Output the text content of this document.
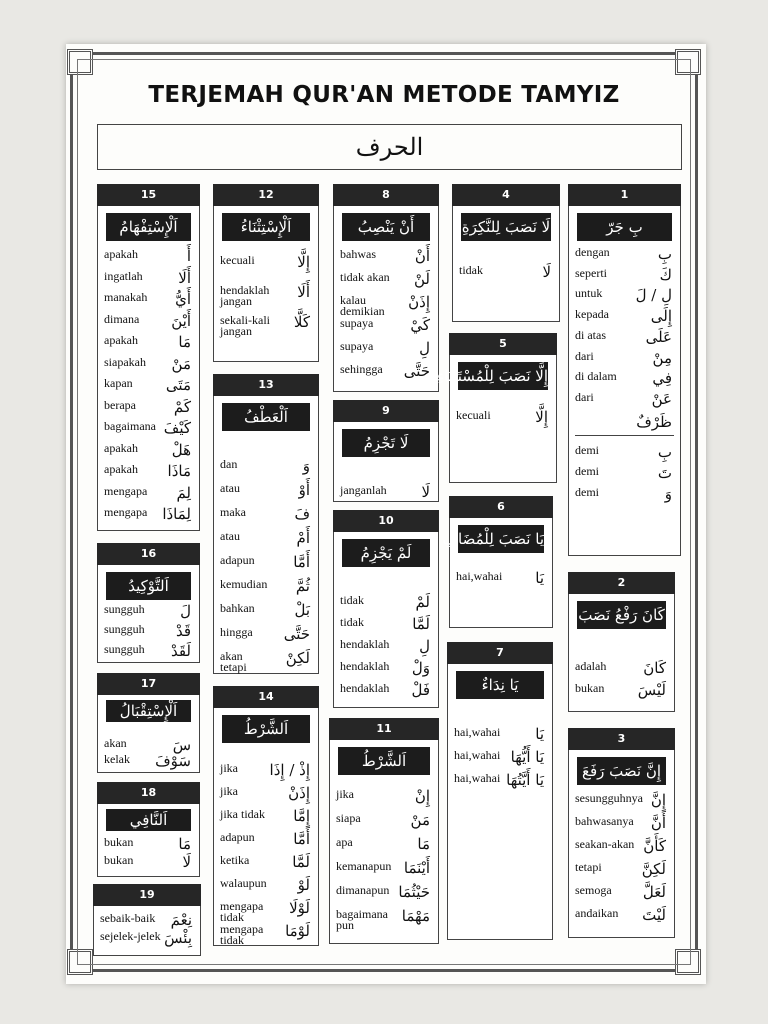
TERJEMAH QUR'AN METODE TAMYIZ
الحرف
15
اَلْإِسْتِفْهَامُ
أَ
apakah
أَلَا
ingatlah
أَيُّ
manakah
أَيْنَ
dimana
مَا
apakah
مَنْ
siapakah
مَتَى
kapan
كَمْ
berapa
كَيْفَ
bagaimana
هَلْ
apakah
مَاذَا
apakah
لِمَ
mengapa
لِمَاذَا
mengapa
16
اَلتَّوْكِيدُ
لَ
sungguh
قَدْ
sungguh
لَقَدْ
sungguh
17
اَلْإِسْتِقْبَالُ
سَ
akan
سَوْفَ
kelak
18
اَلنَّافِي
مَا
bukan
لَا
bukan
19
نِعْمَ
sebaik-baik
بِئْسَ
sejelek-jelek
12
اَلْإِسْتِثْنَاءُ
إِلَّا
kecuali
أَلَا
hendaklah
jangan
كَلَّا
sekali-kali
jangan
13
اَلْعَطْفُ
وَ
dan
أَوْ
atau
فَ
maka
أَمْ
atau
أَمَّا
adapun
ثُمَّ
kemudian
بَلْ
bahkan
حَتَّى
hingga
لَكِنْ
akan
tetapi
14
اَلشَّرْطُ
إِذْ / إِذَا
jika
إِذَنْ
jika
إِمَّا
jika tidak
أَمَّا
adapun
لَمَّا
ketika
لَوْ
walaupun
لَوْلَا
mengapa
tidak
لَوْمَا
mengapa
tidak
8
أَنْ يَنْصِبُ
أَنْ
bahwas
لَنْ
tidak akan
إِذَنْ
kalau
demikian
كَيْ
supaya
لِ
supaya
حَتَّى
sehingga
9
لَا تَجْزِمُ
لَا
janganlah
10
لَمْ يَجْزِمُ
لَمْ
tidak
لَمَّا
tidak
لِ
hendaklah
وَلْ
hendaklah
فَلْ
hendaklah
11
اَلشَّرْطُ
إِنْ
jika
مَنْ
siapa
مَا
apa
أَيْنَمَا
kemanapun
حَيْثُمَا
dimanapun
مَهْمَا
bagaimana
pun
4
لَا نَصَبَ لِلنَّكِرَةِ
لَا
tidak
5
إِلَّا نَصَبَ لِلْمُسْتَثْنَاءِ
إِلَّا
kecuali
6
يَا نَصَبَ لِلْمُضَافِ
يَا
hai,wahai
7
يَا نِدَاءٌ
يَا
hai,wahai
يَا أَيُّهَا
hai,wahai
يَا أَيَّتُهَا
hai,wahai
1
بِ جَرّ
بِ
dengan
كَ
seperti
لِ / لَ
untuk
إِلَى
kepada
عَلَى
di atas
مِنْ
dari
فِي
di dalam
عَنْ
dari
ظَرْفٌ
بِ
demi
تَ
demi
وَ
demi
2
كَانَ رَفْعُ نَصَبَ
كَانَ
adalah
لَيْسَ
bukan
3
إِنَّ نَصَبَ رَفَعَ
إِنَّ
sesungguhnya
أَنَّ
bahwasanya
كَأَنَّ
seakan-akan
لَكِنَّ
tetapi
لَعَلَّ
semoga
لَيْتَ
andaikan
